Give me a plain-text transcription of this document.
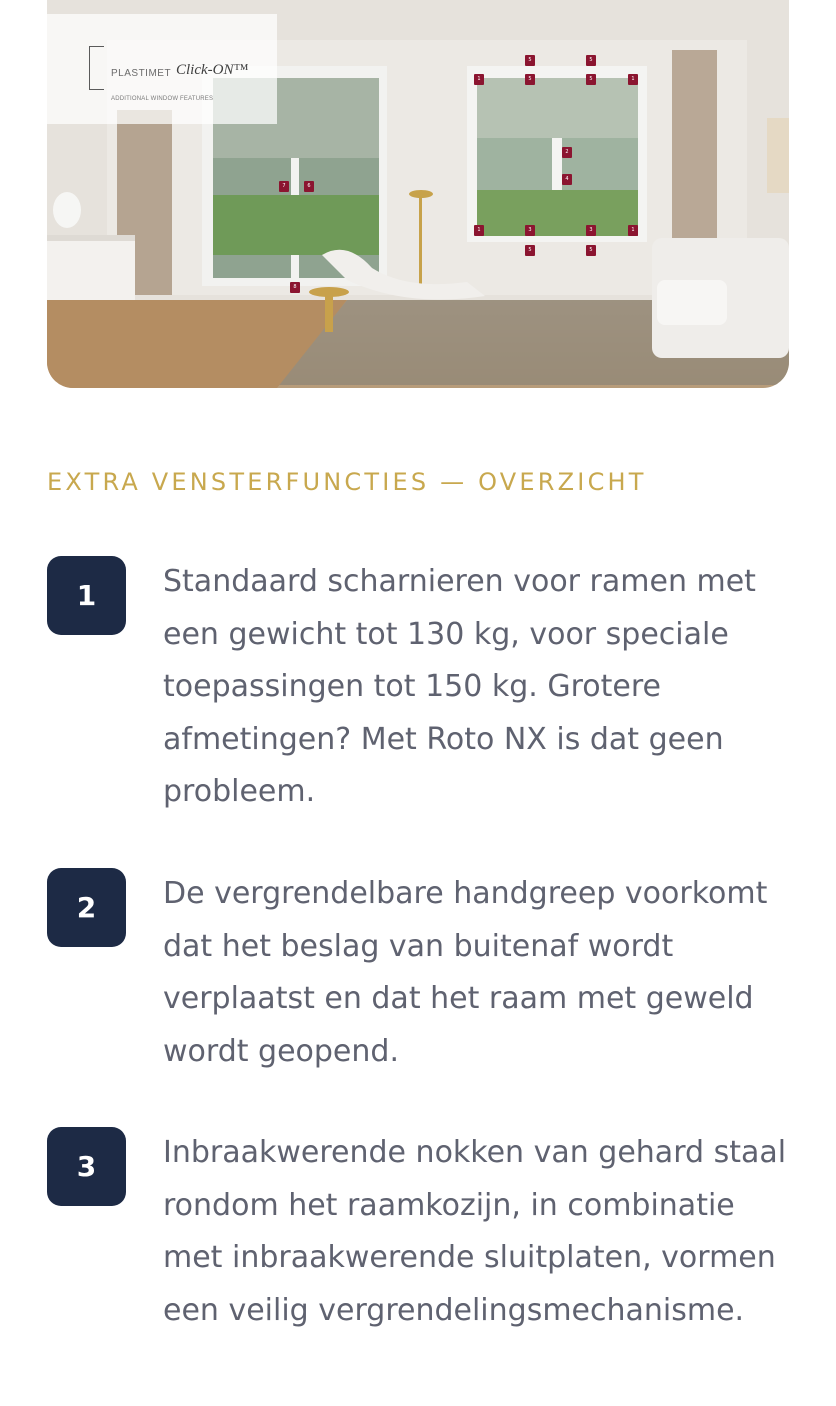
PLASTIMET Click-ON™
ADDITIONAL WINDOW FEATURES
5	5
1	5	5	1
2
4
7	6
1	3	3	1
5	5
8
EXTRA VENSTERFUNCTIES — OVERZICHT
1	Standaard scharnieren voor ramen met een gewicht tot 130 kg, voor speciale toepassingen tot 150 kg. Grotere afmetingen? Met Roto NX is dat geen probleem.

2	De vergrendelbare handgreep voorkomt dat het beslag van buitenaf wordt verplaatst en dat het raam met geweld wordt geopend.

3	Inbraakwerende nokken van gehard staal rondom het raamkozijn, in combinatie met inbraakwerende sluitplaten, vormen een veilig vergrendelingsmechanisme.
